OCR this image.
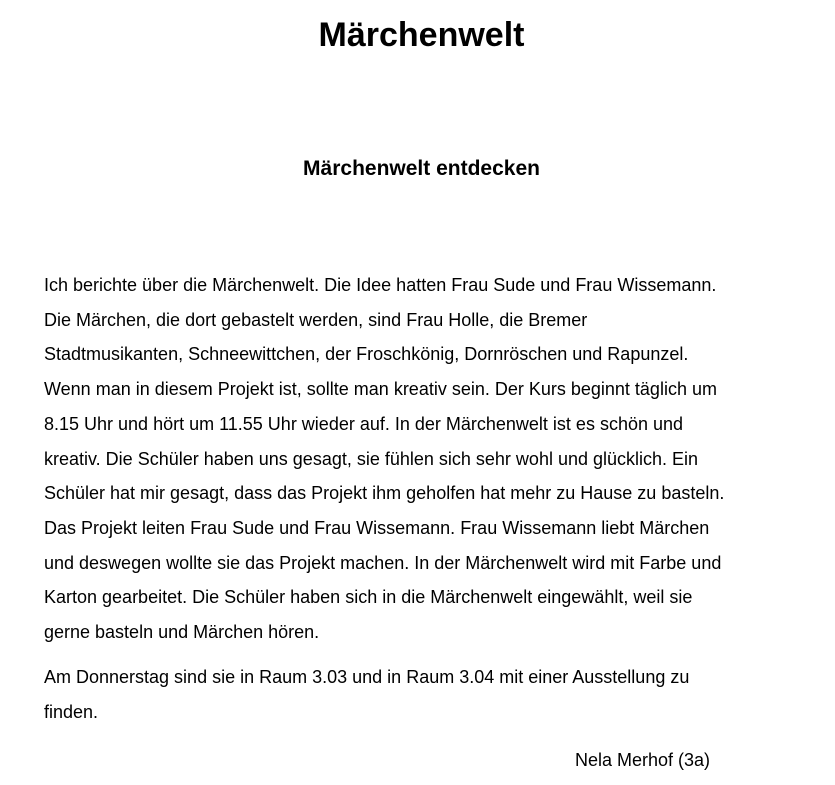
Märchenwelt
Märchenwelt entdecken

Ich berichte über die Märchenwelt. Die Idee hatten Frau Sude und Frau Wissemann.
Die Märchen, die dort gebastelt werden, sind Frau Holle, die Bremer
Stadtmusikanten, Schneewittchen, der Froschkönig, Dornröschen und Rapunzel.
Wenn man in diesem Projekt ist, sollte man kreativ sein. Der Kurs beginnt täglich um
8.15 Uhr und hört um 11.55 Uhr wieder auf. In der Märchenwelt ist es schön und
kreativ. Die Schüler haben uns gesagt, sie fühlen sich sehr wohl und glücklich. Ein
Schüler hat mir gesagt, dass das Projekt ihm geholfen hat mehr zu Hause zu basteln.
Das Projekt leiten Frau Sude und Frau Wissemann. Frau Wissemann liebt Märchen
und deswegen wollte sie das Projekt machen. In der Märchenwelt wird mit Farbe und
Karton gearbeitet. Die Schüler haben sich in die Märchenwelt eingewählt, weil sie
gerne basteln und Märchen hören.

Am Donnerstag sind sie in Raum 3.03 und in Raum 3.04 mit einer Ausstellung zu
finden.

Nela Merhof (3a)
